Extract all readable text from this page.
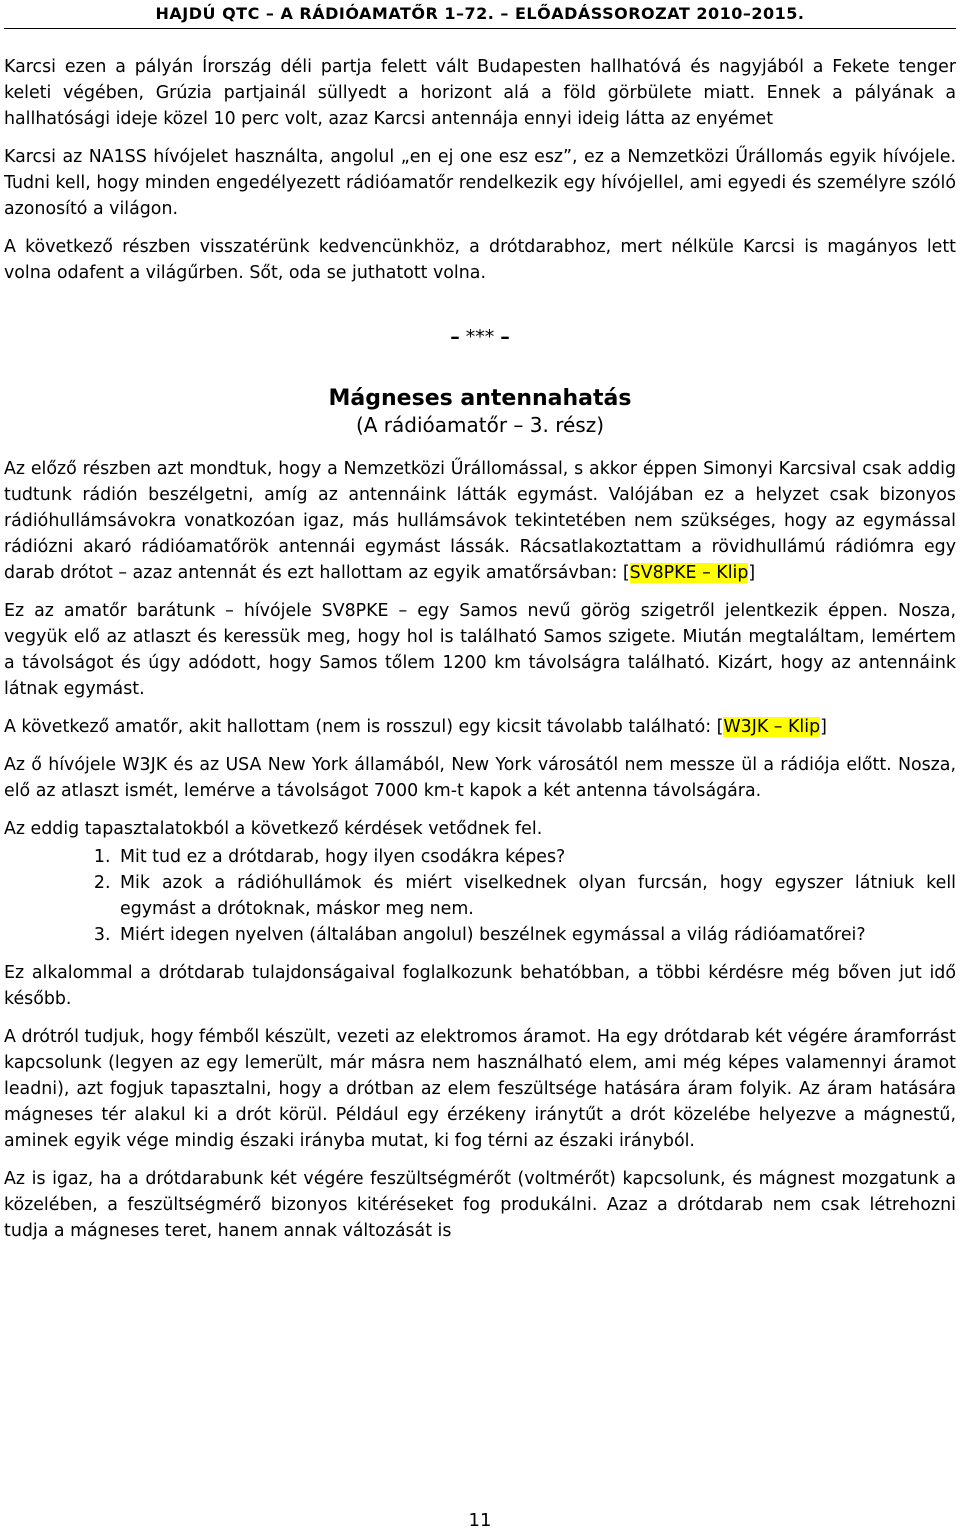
HAJDÚ QTC – A RÁDIÓAMATŐR 1–72. – ELŐADÁSSOROZAT 2010–2015.

Karcsi ezen a pályán Írország déli partja felett vált Budapesten hallhatóvá és nagyjából a Fekete tenger keleti végében, Grúzia partjainál süllyedt a horizont alá a föld görbülete miatt. Ennek a pályának a hallhatósági ideje közel 10 perc volt, azaz Karcsi antennája ennyi ideig látta az enyémet

Karcsi az NA1SS hívójelet használta, angolul „en ej one esz esz”, ez a Nemzetközi Űrállomás egyik hívójele. Tudni kell, hogy minden engedélyezett rádióamatőr rendelkezik egy hívójellel, ami egyedi és személyre szóló azonosító a világon.

A következő részben visszatérünk kedvencünkhöz, a drótdarabhoz, mert nélküle Karcsi is magányos lett volna odafent a világűrben. Sőt, oda se juthatott volna.

– *** –
Mágneses antennahatás
(A rádióamatőr – 3. rész)

Az előző részben azt mondtuk, hogy a Nemzetközi Űrállomással, s akkor éppen Simonyi Karcsival csak addig tudtunk rádión beszélgetni, amíg az antennáink látták egymást. Valójában ez a helyzet csak bizonyos rádióhullámsávokra vonatkozóan igaz, más hullámsávok tekintetében nem szükséges, hogy az egymással rádiózni akaró rádióamatőrök antennái egymást lássák. Rácsatlakoztattam a rövidhullámú rádiómra egy darab drótot – azaz antennát és ezt hallottam az egyik amatőrsávban: [SV8PKE – Klip]

Ez az amatőr barátunk – hívójele SV8PKE – egy Samos nevű görög szigetről jelentkezik éppen. Nosza, vegyük elő az atlaszt és keressük meg, hogy hol is található Samos szigete. Miután megtaláltam, lemértem a távolságot és úgy adódott, hogy Samos tőlem 1200 km távolságra található. Kizárt, hogy az antennáink látnak egymást.

A következő amatőr, akit hallottam (nem is rosszul) egy kicsit távolabb található: [W3JK – Klip]

Az ő hívójele W3JK és az USA New York államából, New York városától nem messze ül a rádiója előtt. Nosza, elő az atlaszt ismét, lemérve a távolságot 7000 km-t kapok a két antenna távolságára.

Az eddig tapasztalatokból a következő kérdések vetődnek fel.

1. Mit tud ez a drótdarab, hogy ilyen csodákra képes?
2. Mik azok a rádióhullámok és miért viselkednek olyan furcsán, hogy egyszer látniuk kell egymást a drótoknak, máskor meg nem.
3. Miért idegen nyelven (általában angolul) beszélnek egymással a világ rádióamatőrei?

Ez alkalommal a drótdarab tulajdonságaival foglalkozunk behatóbban, a többi kérdésre még bőven jut idő később.

A drótról tudjuk, hogy fémből készült, vezeti az elektromos áramot. Ha egy drótdarab két végére áramforrást kapcsolunk (legyen az egy lemerült, már másra nem használható elem, ami még képes valamennyi áramot leadni), azt fogjuk tapasztalni, hogy a drótban az elem feszültsége hatására áram folyik. Az áram hatására mágneses tér alakul ki a drót körül. Például egy érzékeny iránytűt a drót közelébe helyezve a mágnestű, aminek egyik vége mindig északi irányba mutat, ki fog térni az északi irányból.

Az is igaz, ha a drótdarabunk két végére feszültségmérőt (voltmérőt) kapcsolunk, és mágnest mozgatunk a közelében, a feszültségmérő bizonyos kitéréseket fog produkálni. Azaz a drótdarab nem csak létrehozni tudja a mágneses teret, hanem annak változását is

11
